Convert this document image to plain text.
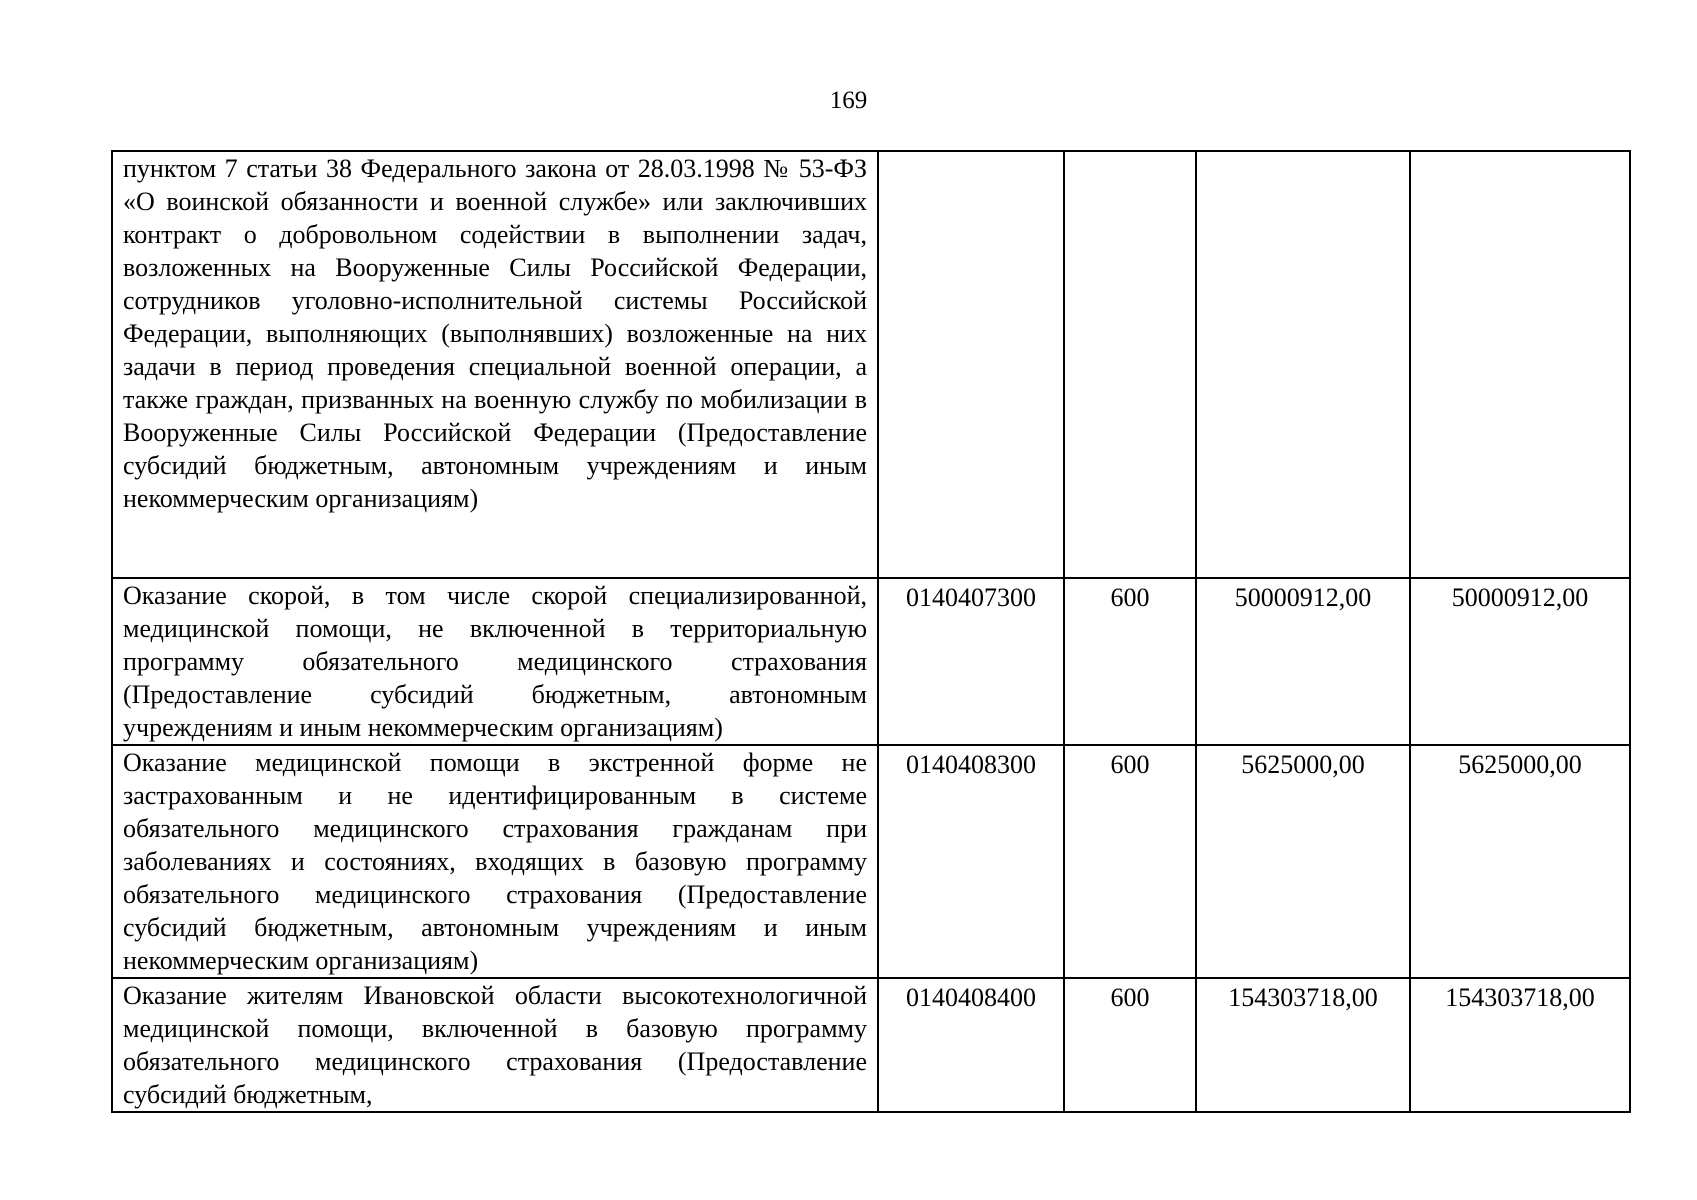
169
пунктом 7 статьи 38 Федерального закона от 28.03.1998 № 53-ФЗ «О воинской обязанности и военной службе» или заключивших контракт о добровольном содействии в выполнении задач, возложенных на Вооруженные Силы Российской Федерации, сотрудников уголовно-исполнительной системы Российской Федерации, выполняющих (выполнявших) возложенные на них задачи в период проведения специальной военной операции, а также граждан, призванных на военную службу по мобилизации в Вооруженные Силы Российской Федерации (Предоставление субсидий бюджетным, автономным учреждениям и иным некоммерческим организациям)				
Оказание скорой, в том числе скорой специализированной, медицинской помощи, не включенной в территориальную программу обязательного медицинского страхования (Предоставление субсидий бюджетным, автономным учреждениям и иным некоммерческим организациям)	0140407300	600	50000912,00	50000912,00
Оказание медицинской помощи в экстренной форме не застрахованным и не идентифицированным в системе обязательного медицинского страхования гражданам при заболеваниях и состояниях, входящих в базовую программу обязательного медицинского страхования (Предоставление субсидий бюджетным, автономным учреждениям и иным некоммерческим организациям)	0140408300	600	5625000,00	5625000,00
Оказание жителям Ивановской области высокотехнологичной медицинской помощи, включенной в базовую программу обязательного медицинского страхования (Предоставление субсидий бюджетным,	0140408400	600	154303718,00	154303718,00
